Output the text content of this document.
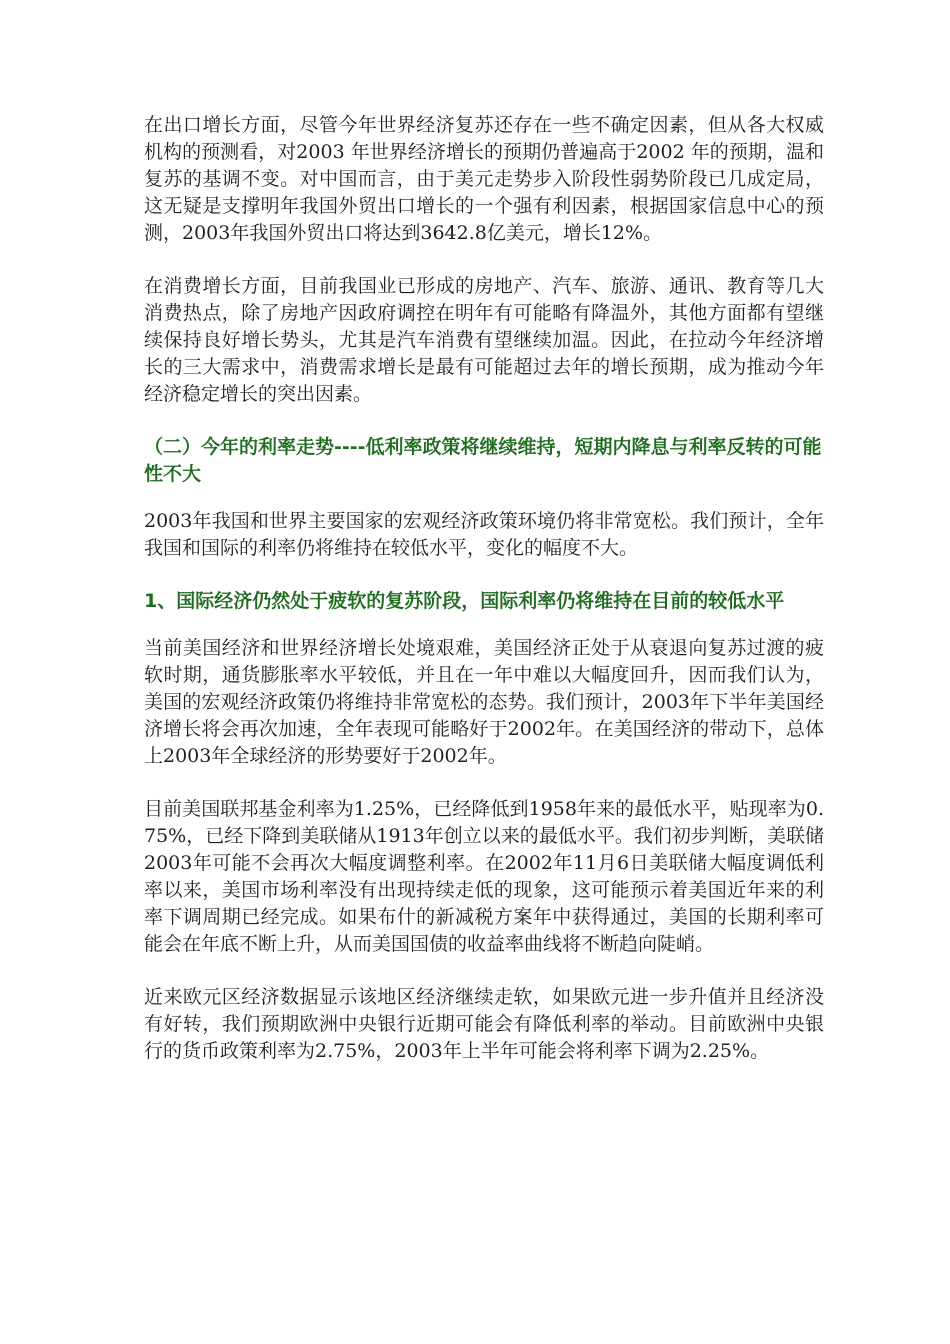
在出口增长方面，尽管今年世界经济复苏还存在一些不确定因素，但从各大权威机构的预测看，对2003 年世界经济增长的预期仍普遍高于2002 年的预期，温和复苏的基调不变。对中国而言，由于美元走势步入阶段性弱势阶段已几成定局，这无疑是支撑明年我国外贸出口增长的一个强有利因素，根据国家信息中心的预测，2003年我国外贸出口将达到3642.8亿美元，增长12%。

在消费增长方面，目前我国业已形成的房地产、汽车、旅游、通讯、教育等几大消费热点，除了房地产因政府调控在明年有可能略有降温外，其他方面都有望继续保持良好增长势头，尤其是汽车消费有望继续加温。因此，在拉动今年经济增长的三大需求中，消费需求增长是最有可能超过去年的增长预期，成为推动今年经济稳定增长的突出因素。

（二）今年的利率走势----低利率政策将继续维持，短期内降息与利率反转的可能性不大

2003年我国和世界主要国家的宏观经济政策环境仍将非常宽松。我们预计，全年我国和国际的利率仍将维持在较低水平，变化的幅度不大。

1、国际经济仍然处于疲软的复苏阶段，国际利率仍将维持在目前的较低水平

当前美国经济和世界经济增长处境艰难，美国经济正处于从衰退向复苏过渡的疲软时期，通货膨胀率水平较低，并且在一年中难以大幅度回升，因而我们认为，美国的宏观经济政策仍将维持非常宽松的态势。我们预计，2003年下半年美国经济增长将会再次加速，全年表现可能略好于2002年。在美国经济的带动下，总体上2003年全球经济的形势要好于2002年。

目前美国联邦基金利率为1.25%，已经降低到1958年来的最低水平，贴现率为0.75%，已经下降到美联储从1913年创立以来的最低水平。我们初步判断，美联储2003年可能不会再次大幅度调整利率。在2002年11月6日美联储大幅度调低利率以来，美国市场利率没有出现持续走低的现象，这可能预示着美国近年来的利率下调周期已经完成。如果布什的新减税方案年中获得通过，美国的长期利率可能会在年底不断上升，从而美国国债的收益率曲线将不断趋向陡峭。

近来欧元区经济数据显示该地区经济继续走软，如果欧元进一步升值并且经济没有好转，我们预期欧洲中央银行近期可能会有降低利率的举动。目前欧洲中央银行的货币政策利率为2.75%，2003年上半年可能会将利率下调为2.25%。
